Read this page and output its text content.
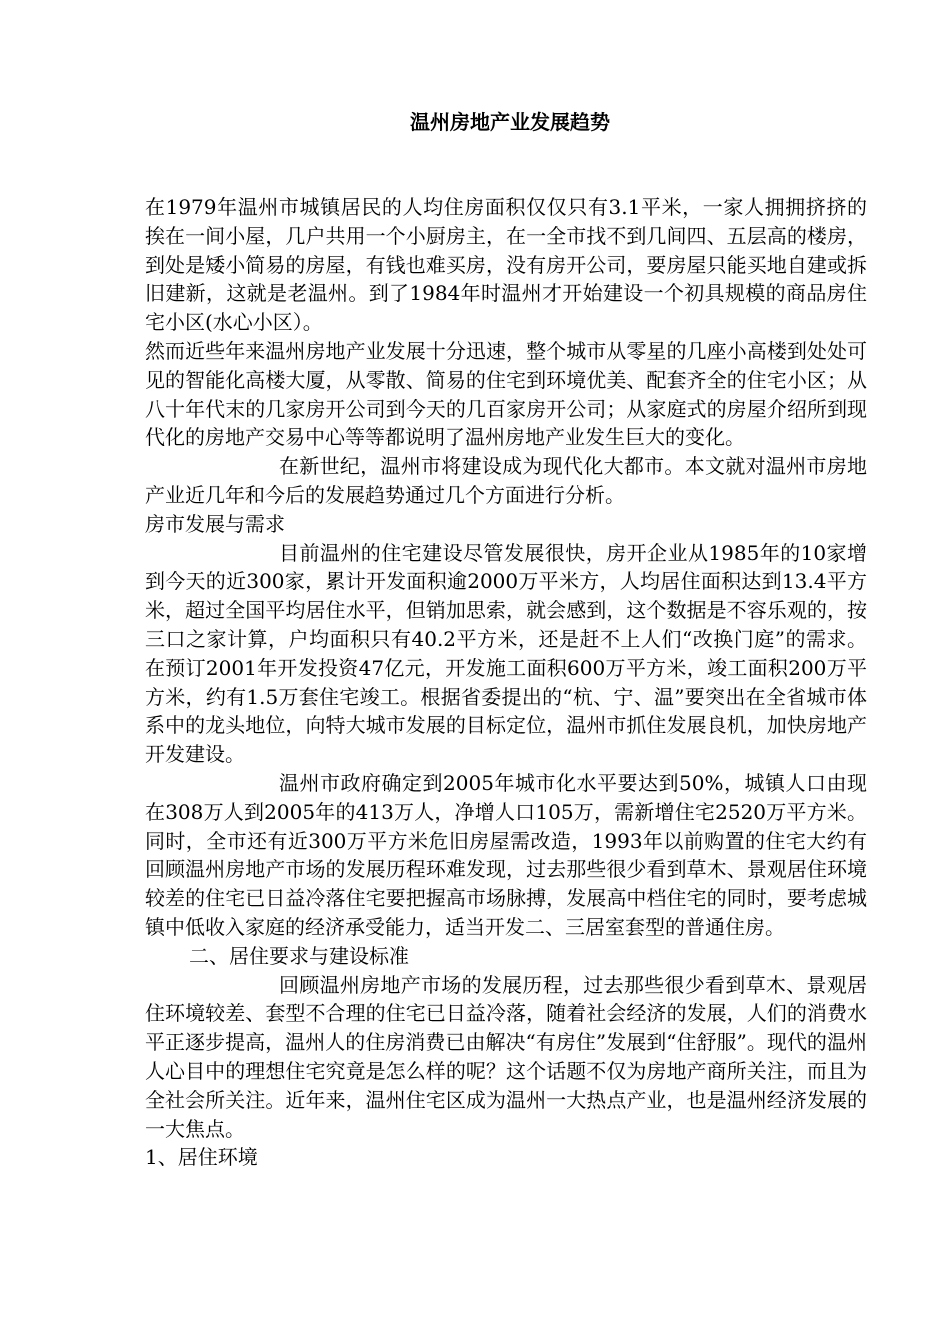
温州房地产业发展趋势

在1979年温州市城镇居民的人均住房面积仅仅只有3.1平米，一家人拥拥挤挤的挨在一间小屋，几户共用一个小厨房主，在一全市找不到几间四、五层高的楼房，到处是矮小简易的房屋，有钱也难买房，没有房开公司，要房屋只能买地自建或拆旧建新，这就是老温州。到了1984年时温州才开始建设一个初具规模的商品房住宅小区(水心小区）。

然而近些年来温州房地产业发展十分迅速，整个城市从零星的几座小高楼到处处可见的智能化高楼大厦，从零散、简易的住宅到环境优美、配套齐全的住宅小区；从八十年代末的几家房开公司到今天的几百家房开公司；从家庭式的房屋介绍所到现代化的房地产交易中心等等都说明了温州房地产业发生巨大的变化。

在新世纪，温州市将建设成为现代化大都市。本文就对温州市房地产业近几年和今后的发展趋势通过几个方面进行分析。

房市发展与需求

目前温州的住宅建设尽管发展很快，房开企业从1985年的10家增到今天的近300家，累计开发面积逾2000万平米方，人均居住面积达到13.4平方米，超过全国平均居住水平，但销加思索，就会感到，这个数据是不容乐观的，按三口之家计算，户均面积只有40.2平方米，还是赶不上人们“改换门庭”的需求。在预订2001年开发投资47亿元，开发施工面积600万平方米，竣工面积200万平方米，约有1.5万套住宅竣工。根据省委提出的“杭、宁、温”要突出在全省城市体系中的龙头地位，向特大城市发展的目标定位，温州市抓住发展良机，加快房地产开发建设。

温州市政府确定到2005年城市化水平要达到50%，城镇人口由现在308万人到2005年的413万人，净增人口105万，需新增住宅2520万平方米。同时，全市还有近300万平方米危旧房屋需改造，1993年以前购置的住宅大约有回顾温州房地产市场的发展历程环难发现，过去那些很少看到草木、景观居住环境较差的住宅已日益冷落住宅要把握高市场脉搏，发展高中档住宅的同时，要考虑城镇中低收入家庭的经济承受能力，适当开发二、三居室套型的普通住房。

二、居住要求与建设标准

回顾温州房地产市场的发展历程，过去那些很少看到草木、景观居住环境较差、套型不合理的住宅已日益冷落，随着社会经济的发展，人们的消费水平正逐步提高，温州人的住房消费已由解决“有房住”发展到“住舒服”。现代的温州人心目中的理想住宅究竟是怎么样的呢？这个话题不仅为房地产商所关注，而且为全社会所关注。近年来，温州住宅区成为温州一大热点产业，也是温州经济发展的一大焦点。

1、居住环境
